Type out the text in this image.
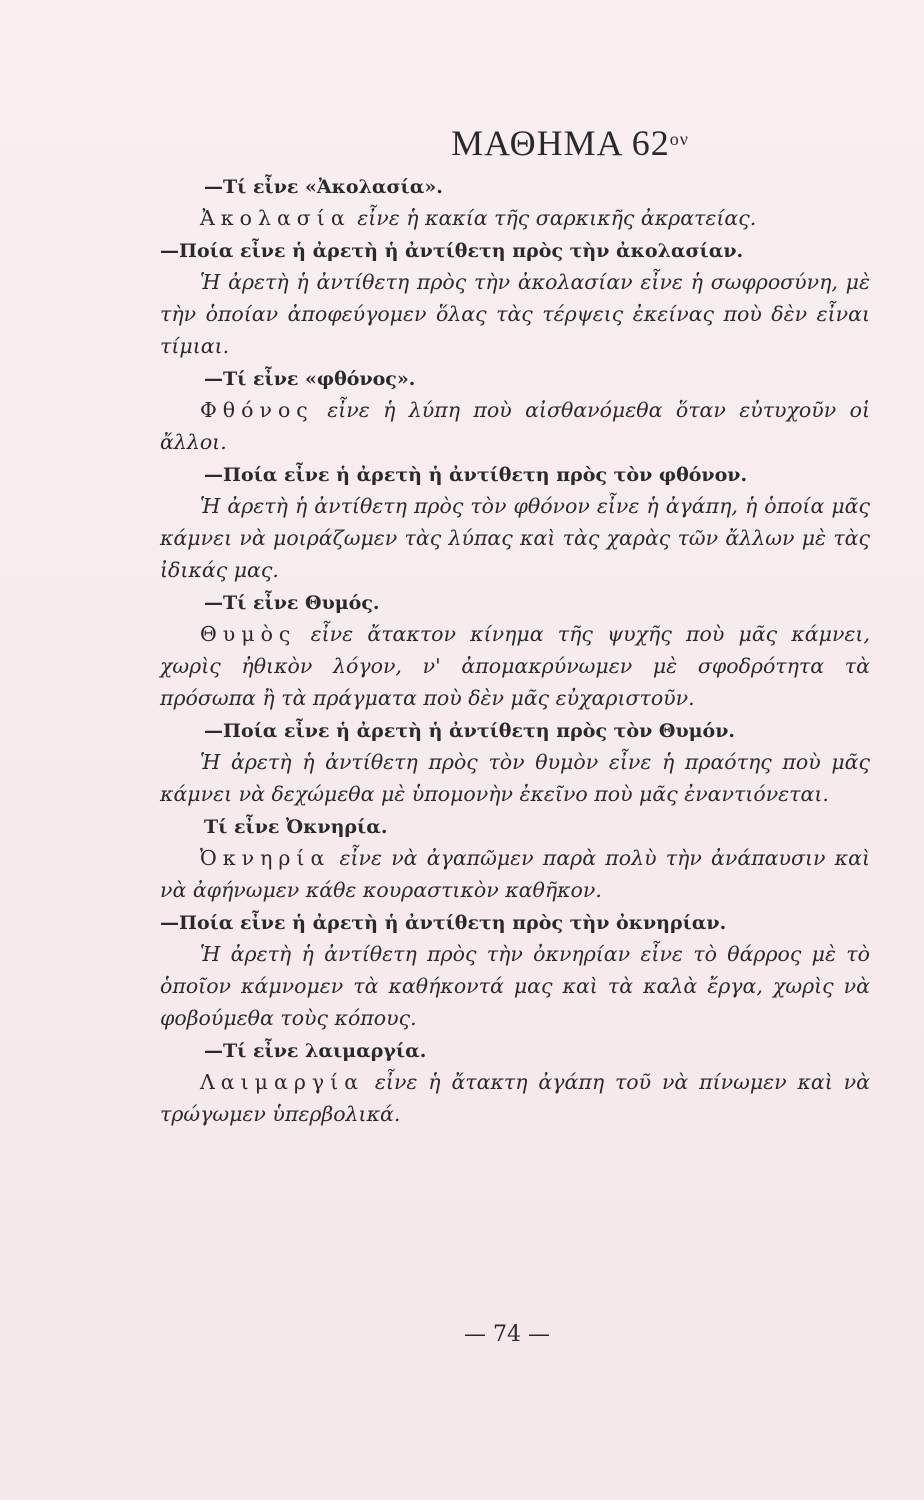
ΜΑΘΗΜΑ $62^{o\nu}$

—Τί εἶνε «Ἀκολασία».

Ἀκολασία εἶνε ἡ κακία τῆς σαρκικῆς ἀκρατείας.

—Ποία εἶνε ἡ ἀρετὴ ἡ ἀντίθετη πρὸς τὴν ἀκολασίαν.

Ἡ ἀρετὴ ἡ ἀντίθετη πρὸς τὴν ἀκολασίαν εἶνε ἡ σωφροσύνη, μὲ τὴν ὁποίαν ἀποφεύγομεν ὅλας τὰς τέρψεις ἐκείνας ποὺ δὲν εἶναι τίμιαι.

—Τί εἶνε «φθόνος».

Φθόνος εἶνε ἡ λύπη ποὺ αἰσθανόμεθα ὅταν εὐτυχοῦν οἱ ἄλλοι.

—Ποία εἶνε ἡ ἀρετὴ ἡ ἀντίθετη πρὸς τὸν φθόνον.

Ἡ ἀρετὴ ἡ ἀντίθετη πρὸς τὸν φθόνον εἶνε ἡ ἀγάπη, ἡ ὁποία μᾶς κάμνει νὰ μοιράζωμεν τὰς λύπας καὶ τὰς χαρὰς τῶν ἄλλων μὲ τὰς ἰδικάς μας.

—Τί εἶνε Θυμός.

Θυμὸς εἶνε ἄτακτον κίνημα τῆς ψυχῆς ποὺ μᾶς κάμνει, χωρὶς ἠθικὸν λόγον, ν' ἀπομακρύνωμεν μὲ σφοδρότητα τὰ πρόσωπα ἢ τὰ πράγματα ποὺ δὲν μᾶς εὐχαριστοῦν.

—Ποία εἶνε ἡ ἀρετὴ ἡ ἀντίθετη πρὸς τὸν Θυμόν.

Ἡ ἀρετὴ ἡ ἀντίθετη πρὸς τὸν θυμὸν εἶνε ἡ πραότης ποὺ μᾶς κάμνει νὰ δεχώμεθα μὲ ὑπομονὴν ἐκεῖνο ποὺ μᾶς ἐναντιόνεται.

Τί εἶνε Ὀκνηρία.

Ὀκνηρία εἶνε νὰ ἀγαπῶμεν παρὰ πολὺ τὴν ἀνάπαυσιν καὶ νὰ ἀφήνωμεν κάθε κουραστικὸν καθῆκον.

—Ποία εἶνε ἡ ἀρετὴ ἡ ἀντίθετη πρὸς τὴν ὀκνηρίαν.

Ἡ ἀρετὴ ἡ ἀντίθετη πρὸς τὴν ὀκνηρίαν εἶνε τὸ θάρρος μὲ τὸ ὁποῖον κάμνομεν τὰ καθήκοντά μας καὶ τὰ καλὰ ἔργα, χωρὶς νὰ φοβούμεθα τοὺς κόπους.

—Τί εἶνε λαιμαργία.

Λαιμαργία εἶνε ἡ ἄτακτη ἀγάπη τοῦ νὰ πίνωμεν καὶ νὰ τρώγωμεν ὑπερβολικά.

— 74 —
